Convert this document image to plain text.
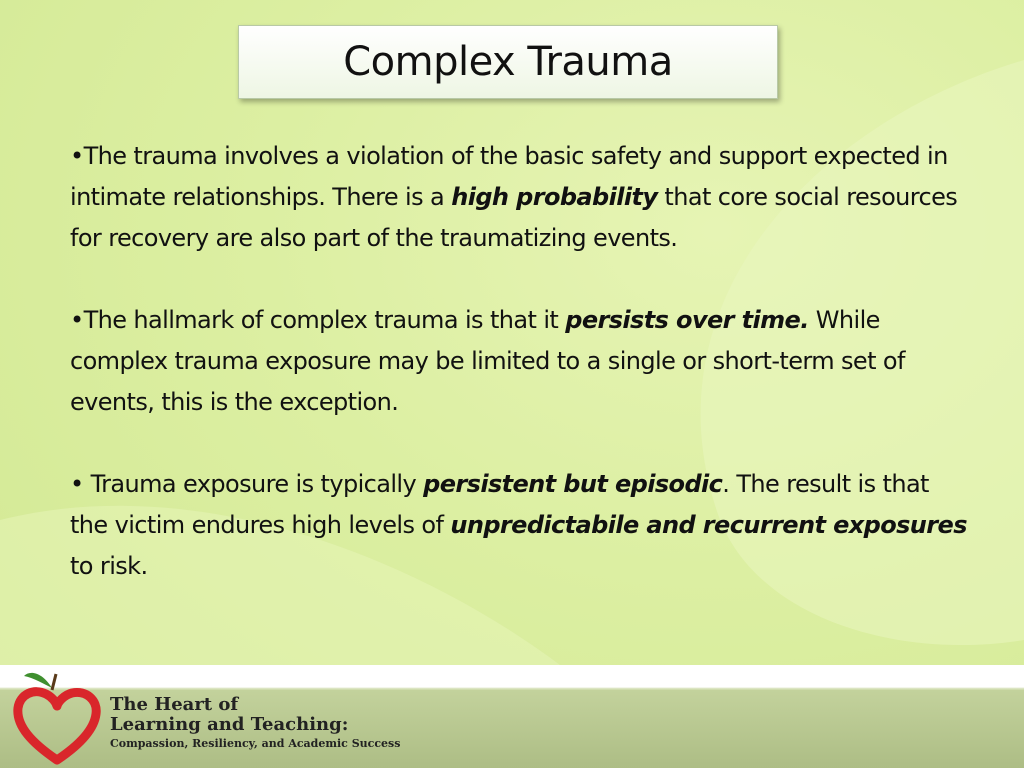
Complex Trauma

•The trauma involves a violation of the basic safety and support expected in intimate relationships. There is a high probability that core social resources for recovery are also part of the traumatizing events.

•The hallmark of complex trauma is that it persists over time. While complex trauma exposure may be limited to a single or short-term set of events, this is the exception.

• Trauma exposure is typically persistent but episodic. The result is that the victim endures high levels of unpredictabile and recurrent exposures to risk.

The Heart of
Learning and Teaching:
Compassion, Resiliency, and Academic Success
